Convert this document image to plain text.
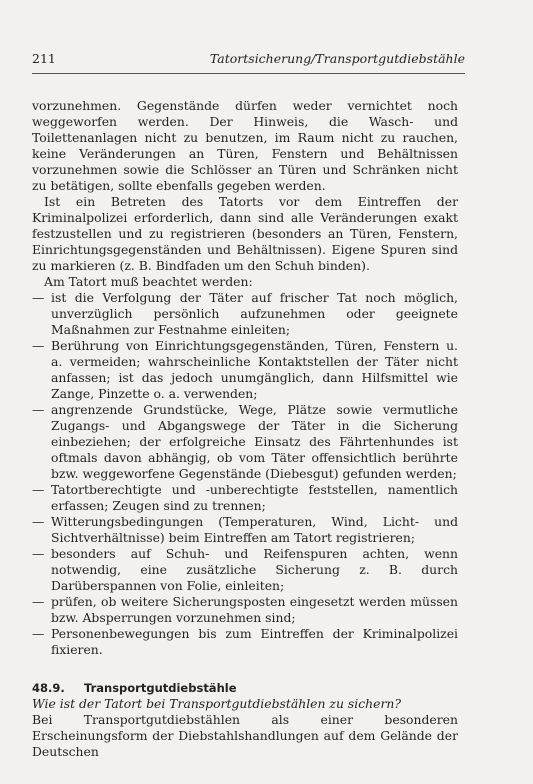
211	Tatortsicherung/Transportgutdiebstähle

vorzunehmen. Gegenstände dürfen weder vernichtet noch weggeworfen werden. Der Hinweis, die Wasch- und Toilettenanlagen nicht zu benutzen, im Raum nicht zu rauchen, keine Veränderungen an Türen, Fenstern und Behältnissen vorzunehmen sowie die Schlösser an Türen und Schränken nicht zu betätigen, sollte ebenfalls gegeben werden.

Ist ein Betreten des Tatorts vor dem Eintreffen der Kriminalpolizei erforderlich, dann sind alle Veränderungen exakt festzustellen und zu registrieren (besonders an Türen, Fenstern, Einrichtungsgegenständen und Behältnissen). Eigene Spuren sind zu markieren (z. B. Bindfaden um den Schuh binden).

Am Tatort muß beachtet werden:

— ist die Verfolgung der Täter auf frischer Tat noch möglich, unverzüglich persönlich aufzunehmen oder geeignete Maßnahmen zur Festnahme einleiten;
— Berührung von Einrichtungsgegenständen, Türen, Fenstern u. a. vermeiden; wahrscheinliche Kontaktstellen der Täter nicht anfassen; ist das jedoch unumgänglich, dann Hilfsmittel wie Zange, Pinzette o. a. verwenden;
— angrenzende Grundstücke, Wege, Plätze sowie vermutliche Zugangs- und Abgangswege der Täter in die Sicherung einbeziehen; der erfolgreiche Einsatz des Fährtenhundes ist oftmals davon abhängig, ob vom Täter offensichtlich berührte bzw. weggeworfene Gegenstände (Diebesgut) gefunden werden;
— Tatortberechtigte und -unberechtigte feststellen, namentlich erfassen; Zeugen sind zu trennen;
— Witterungsbedingungen (Temperaturen, Wind, Licht- und Sichtverhältnisse) beim Eintreffen am Tatort registrieren;
— besonders auf Schuh- und Reifenspuren achten, wenn notwendig, eine zusätzliche Sicherung z. B. durch Darüberspannen von Folie, einleiten;
— prüfen, ob weitere Sicherungsposten eingesetzt werden müssen bzw. Absperrungen vorzunehmen sind;
— Personenbewegungen bis zum Eintreffen der Kriminalpolizei fixieren.
48.9.	Transportgutdiebstähle

Wie ist der Tatort bei Transportgutdiebstählen zu sichern?

Bei Transportgutdiebstählen als einer besonderen Erscheinungsform der Diebstahlshandlungen auf dem Gelände der Deutschen
